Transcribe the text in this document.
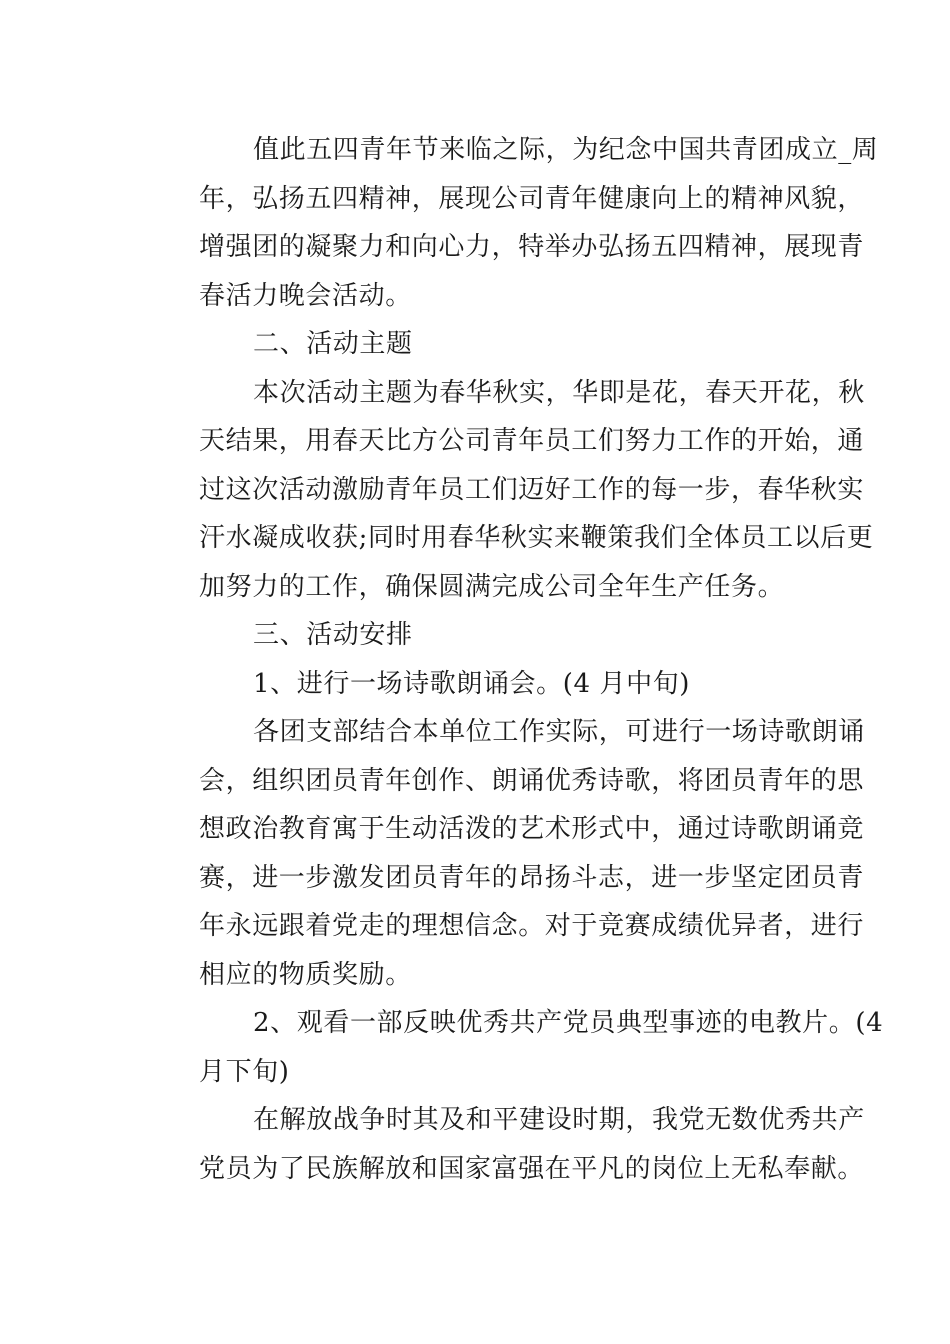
值此五四青年节来临之际，为纪念中国共青团成立_周
年，弘扬五四精神，展现公司青年健康向上的精神风貌，
增强团的凝聚力和向心力，特举办弘扬五四精神，展现青
春活力晚会活动。
二、活动主题
本次活动主题为春华秋实，华即是花，春天开花，秋
天结果，用春天比方公司青年员工们努力工作的开始，通
过这次活动激励青年员工们迈好工作的每一步，春华秋实
汗水凝成收获;同时用春华秋实来鞭策我们全体员工以后更
加努力的工作，确保圆满完成公司全年生产任务。
三、活动安排
1、进行一场诗歌朗诵会。(4 月中旬)
各团支部结合本单位工作实际，可进行一场诗歌朗诵
会，组织团员青年创作、朗诵优秀诗歌，将团员青年的思
想政治教育寓于生动活泼的艺术形式中，通过诗歌朗诵竞
赛，进一步激发团员青年的昂扬斗志，进一步坚定团员青
年永远跟着党走的理想信念。对于竞赛成绩优异者，进行
相应的物质奖励。
2、观看一部反映优秀共产党员典型事迹的电教片。(4
月下旬)
在解放战争时其及和平建设时期，我党无数优秀共产
党员为了民族解放和国家富强在平凡的岗位上无私奉献。
